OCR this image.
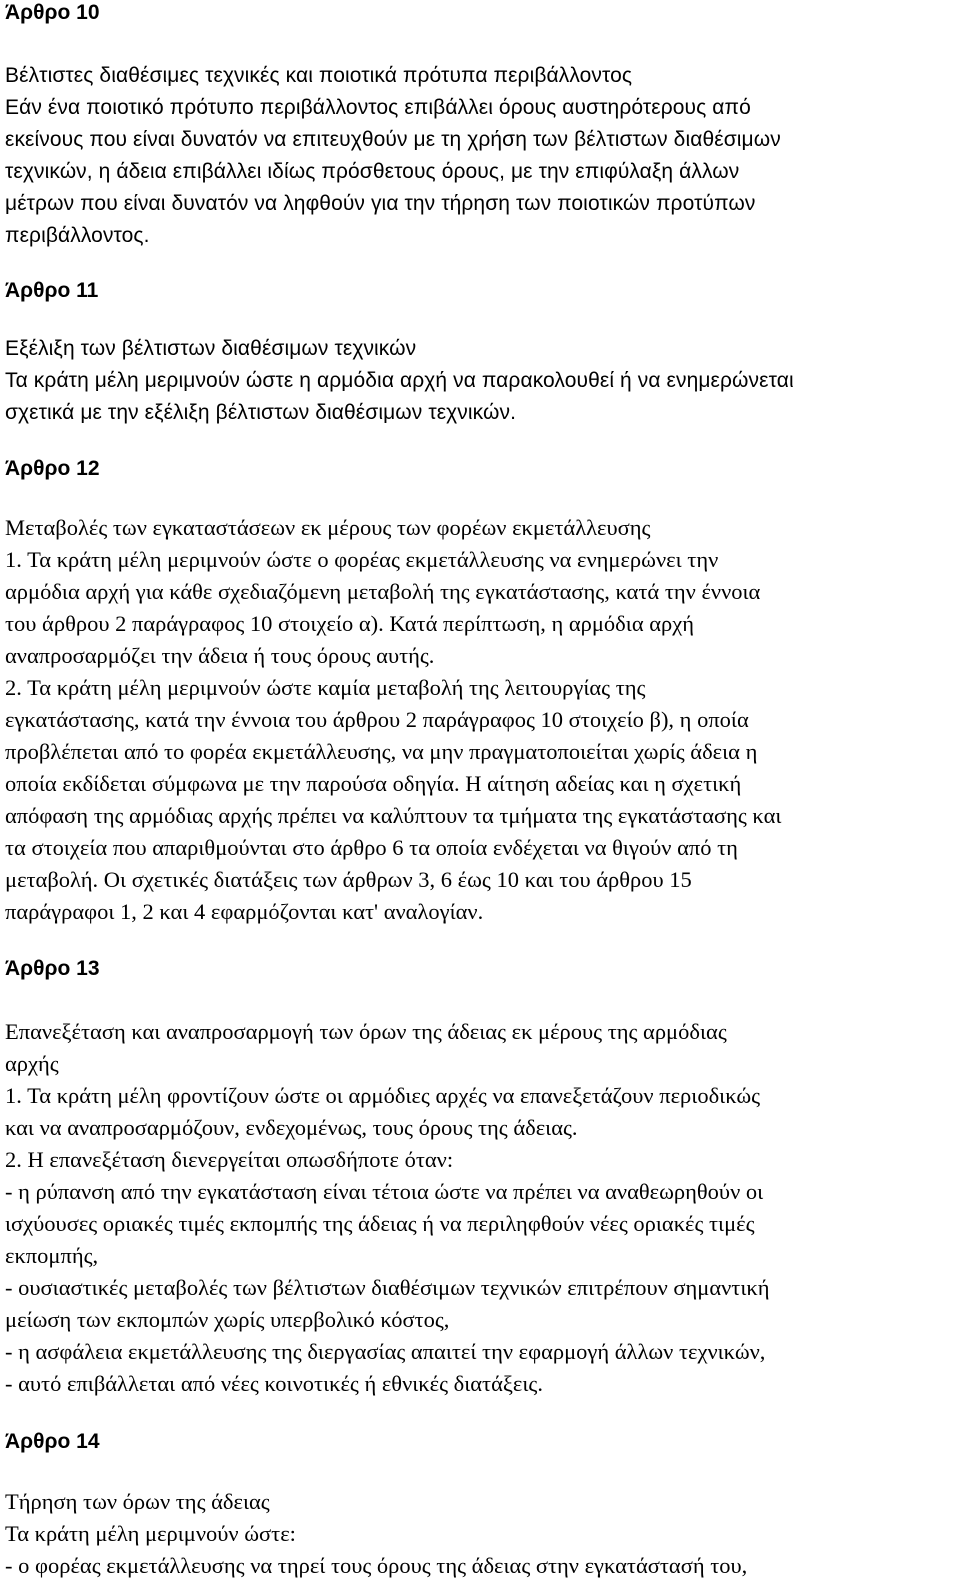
Άρθρο 10
Βέλτιστες διαθέσιμες τεχνικές και ποιοτικά πρότυπα περιβάλλοντος
Εάν ένα ποιοτικό πρότυπο περιβάλλοντος επιβάλλει όρους αυστηρότερους από
εκείνους που είναι δυνατόν να επιτευχθούν με τη χρήση των βέλτιστων διαθέσιμων
τεχνικών, η άδεια επιβάλλει ιδίως πρόσθετους όρους, με την επιφύλαξη άλλων
μέτρων που είναι δυνατόν να ληφθούν για την τήρηση των ποιοτικών προτύπων
περιβάλλοντος.
Άρθρο 11
Εξέλιξη των βέλτιστων διαθέσιμων τεχνικών
Τα κράτη μέλη μεριμνούν ώστε η αρμόδια αρχή να παρακολουθεί ή να ενημερώνεται
σχετικά με την εξέλιξη βέλτιστων διαθέσιμων τεχνικών.
Άρθρο 12
Μεταβολές των εγκαταστάσεων εκ μέρους των φορέων εκμετάλλευσης
1. Τα κράτη μέλη μεριμνούν ώστε ο φορέας εκμετάλλευσης να ενημερώνει την
αρμόδια αρχή για κάθε σχεδιαζόμενη μεταβολή της εγκατάστασης, κατά την έννοια
του άρθρου 2 παράγραφος 10 στοιχείο α). Κατά περίπτωση, η αρμόδια αρχή
αναπροσαρμόζει την άδεια ή τους όρους αυτής.
2. Τα κράτη μέλη μεριμνούν ώστε καμία μεταβολή της λειτουργίας της
εγκατάστασης, κατά την έννοια του άρθρου 2 παράγραφος 10 στοιχείο β), η οποία
προβλέπεται από το φορέα εκμετάλλευσης, να μην πραγματοποιείται χωρίς άδεια η
οποία εκδίδεται σύμφωνα με την παρούσα οδηγία. Η αίτηση αδείας και η σχετική
απόφαση της αρμόδιας αρχής πρέπει να καλύπτουν τα τμήματα της εγκατάστασης και
τα στοιχεία που απαριθμούνται στο άρθρο 6 τα οποία ενδέχεται να θιγούν από τη
μεταβολή. Οι σχετικές διατάξεις των άρθρων 3, 6 έως 10 και του άρθρου 15
παράγραφοι 1, 2 και 4 εφαρμόζονται κατ' αναλογίαν.
Άρθρο 13
Επανεξέταση και αναπροσαρμογή των όρων της άδειας εκ μέρους της αρμόδιας
αρχής
1. Τα κράτη μέλη φροντίζουν ώστε οι αρμόδιες αρχές να επανεξετάζουν περιοδικώς
και να αναπροσαρμόζουν, ενδεχομένως, τους όρους της άδειας.
2. Η επανεξέταση διενεργείται οπωσδήποτε όταν:
- η ρύπανση από την εγκατάσταση είναι τέτοια ώστε να πρέπει να αναθεωρηθούν οι
ισχύουσες οριακές τιμές εκπομπής της άδειας ή να περιληφθούν νέες οριακές τιμές
εκπομπής,
- ουσιαστικές μεταβολές των βέλτιστων διαθέσιμων τεχνικών επιτρέπουν σημαντική
μείωση των εκπομπών χωρίς υπερβολικό κόστος,
- η ασφάλεια εκμετάλλευσης της διεργασίας απαιτεί την εφαρμογή άλλων τεχνικών,
- αυτό επιβάλλεται από νέες κοινοτικές ή εθνικές διατάξεις.
Άρθρο 14
Τήρηση των όρων της άδειας
Τα κράτη μέλη μεριμνούν ώστε:
- ο φορέας εκμετάλλευσης να τηρεί τους όρους της άδειας στην εγκατάστασή του,
